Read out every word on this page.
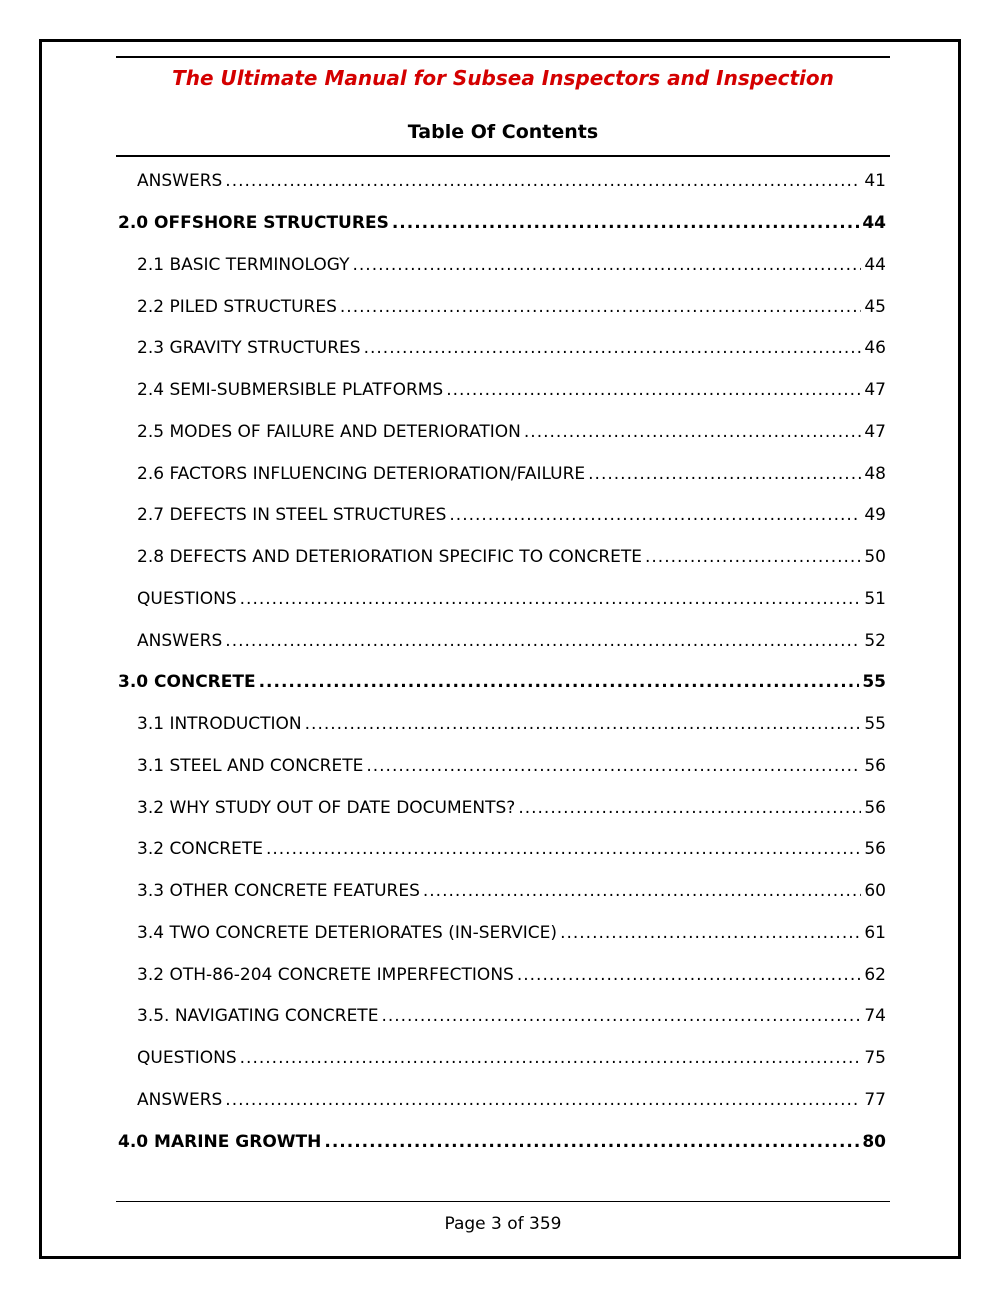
The Ultimate Manual for Subsea Inspectors and Inspection
Table Of Contents
ANSWERS .....	41
2.0 OFFSHORE STRUCTURES .....	44
2.1 BASIC TERMINOLOGY .....	44
2.2 PILED STRUCTURES .....	45
2.3 GRAVITY STRUCTURES .....	46
2.4 SEMI-SUBMERSIBLE PLATFORMS .....	47
2.5 MODES OF FAILURE AND DETERIORATION .....	47
2.6 FACTORS INFLUENCING DETERIORATION/FAILURE .....	48
2.7 DEFECTS IN STEEL STRUCTURES .....	49
2.8 DEFECTS AND DETERIORATION SPECIFIC TO CONCRETE .....	50
QUESTIONS .....	51
ANSWERS .....	52
3.0 CONCRETE .....	55
3.1 INTRODUCTION .....	55
3.1 STEEL AND CONCRETE .....	56
3.2 WHY STUDY OUT OF DATE DOCUMENTS? .....	56
3.2 CONCRETE .....	56
3.3 OTHER CONCRETE FEATURES .....	60
3.4 TWO CONCRETE DETERIORATES (IN-SERVICE) .....	61
3.2 OTH-86-204 CONCRETE IMPERFECTIONS .....	62
3.5. NAVIGATING CONCRETE .....	74
QUESTIONS .....	75
ANSWERS .....	77
4.0 MARINE GROWTH .....	80
Page 3 of 359
